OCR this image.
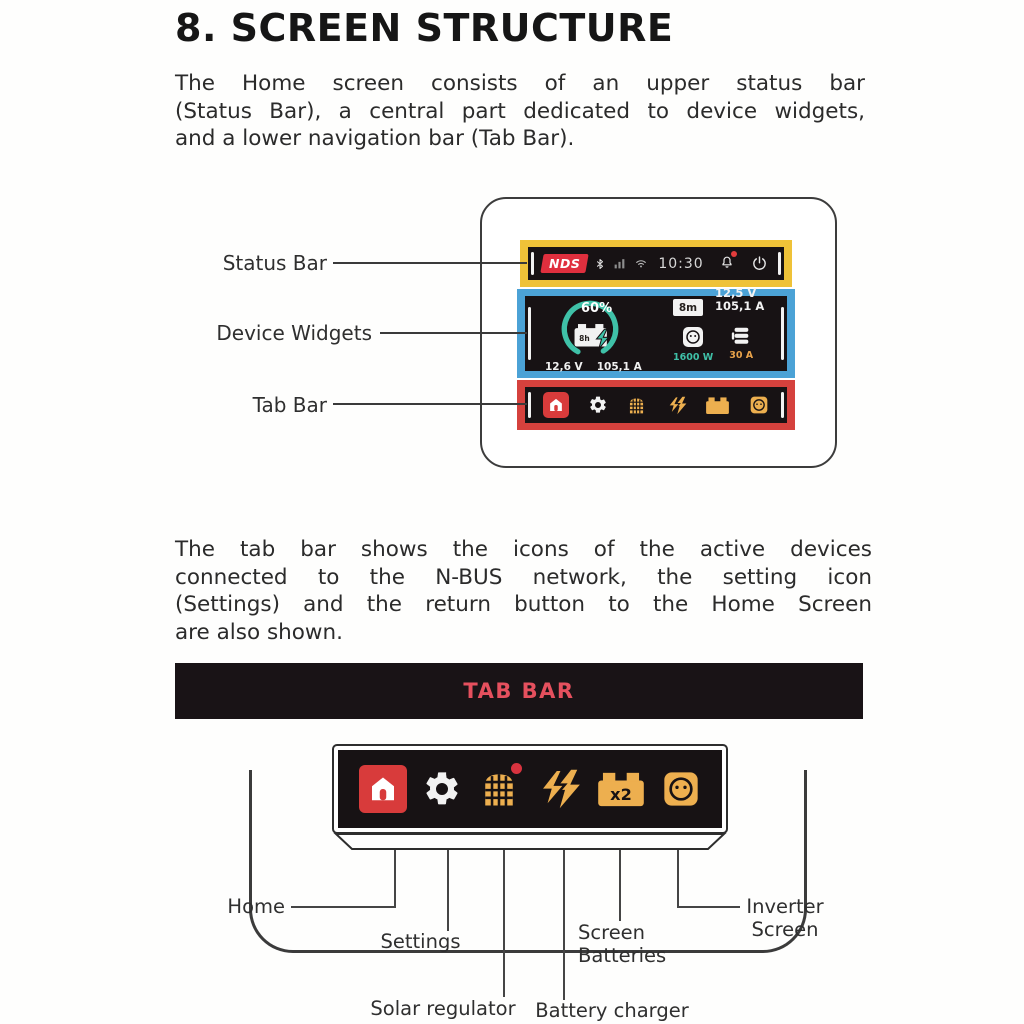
8. SCREEN STRUCTURE
The Home screen consists of an upper status bar
(Status Bar), a central part dedicated to device widgets,
and a lower navigation bar (Tab Bar).
NDS	10:30
60%
8h
12,6 V 105,1 A
8m
12,5 V
105,1 A
1600 W 30 A
Status Bar
Device Widgets
Tab Bar
The tab bar shows the icons of the active devices
connected to the N-BUS network, the setting icon
(Settings) and the return button to the Home Screen
are also shown.
TAB BAR
x2
Home
Settings
Solar regulator Battery charger
Screen Batteries
Inverter Screen
